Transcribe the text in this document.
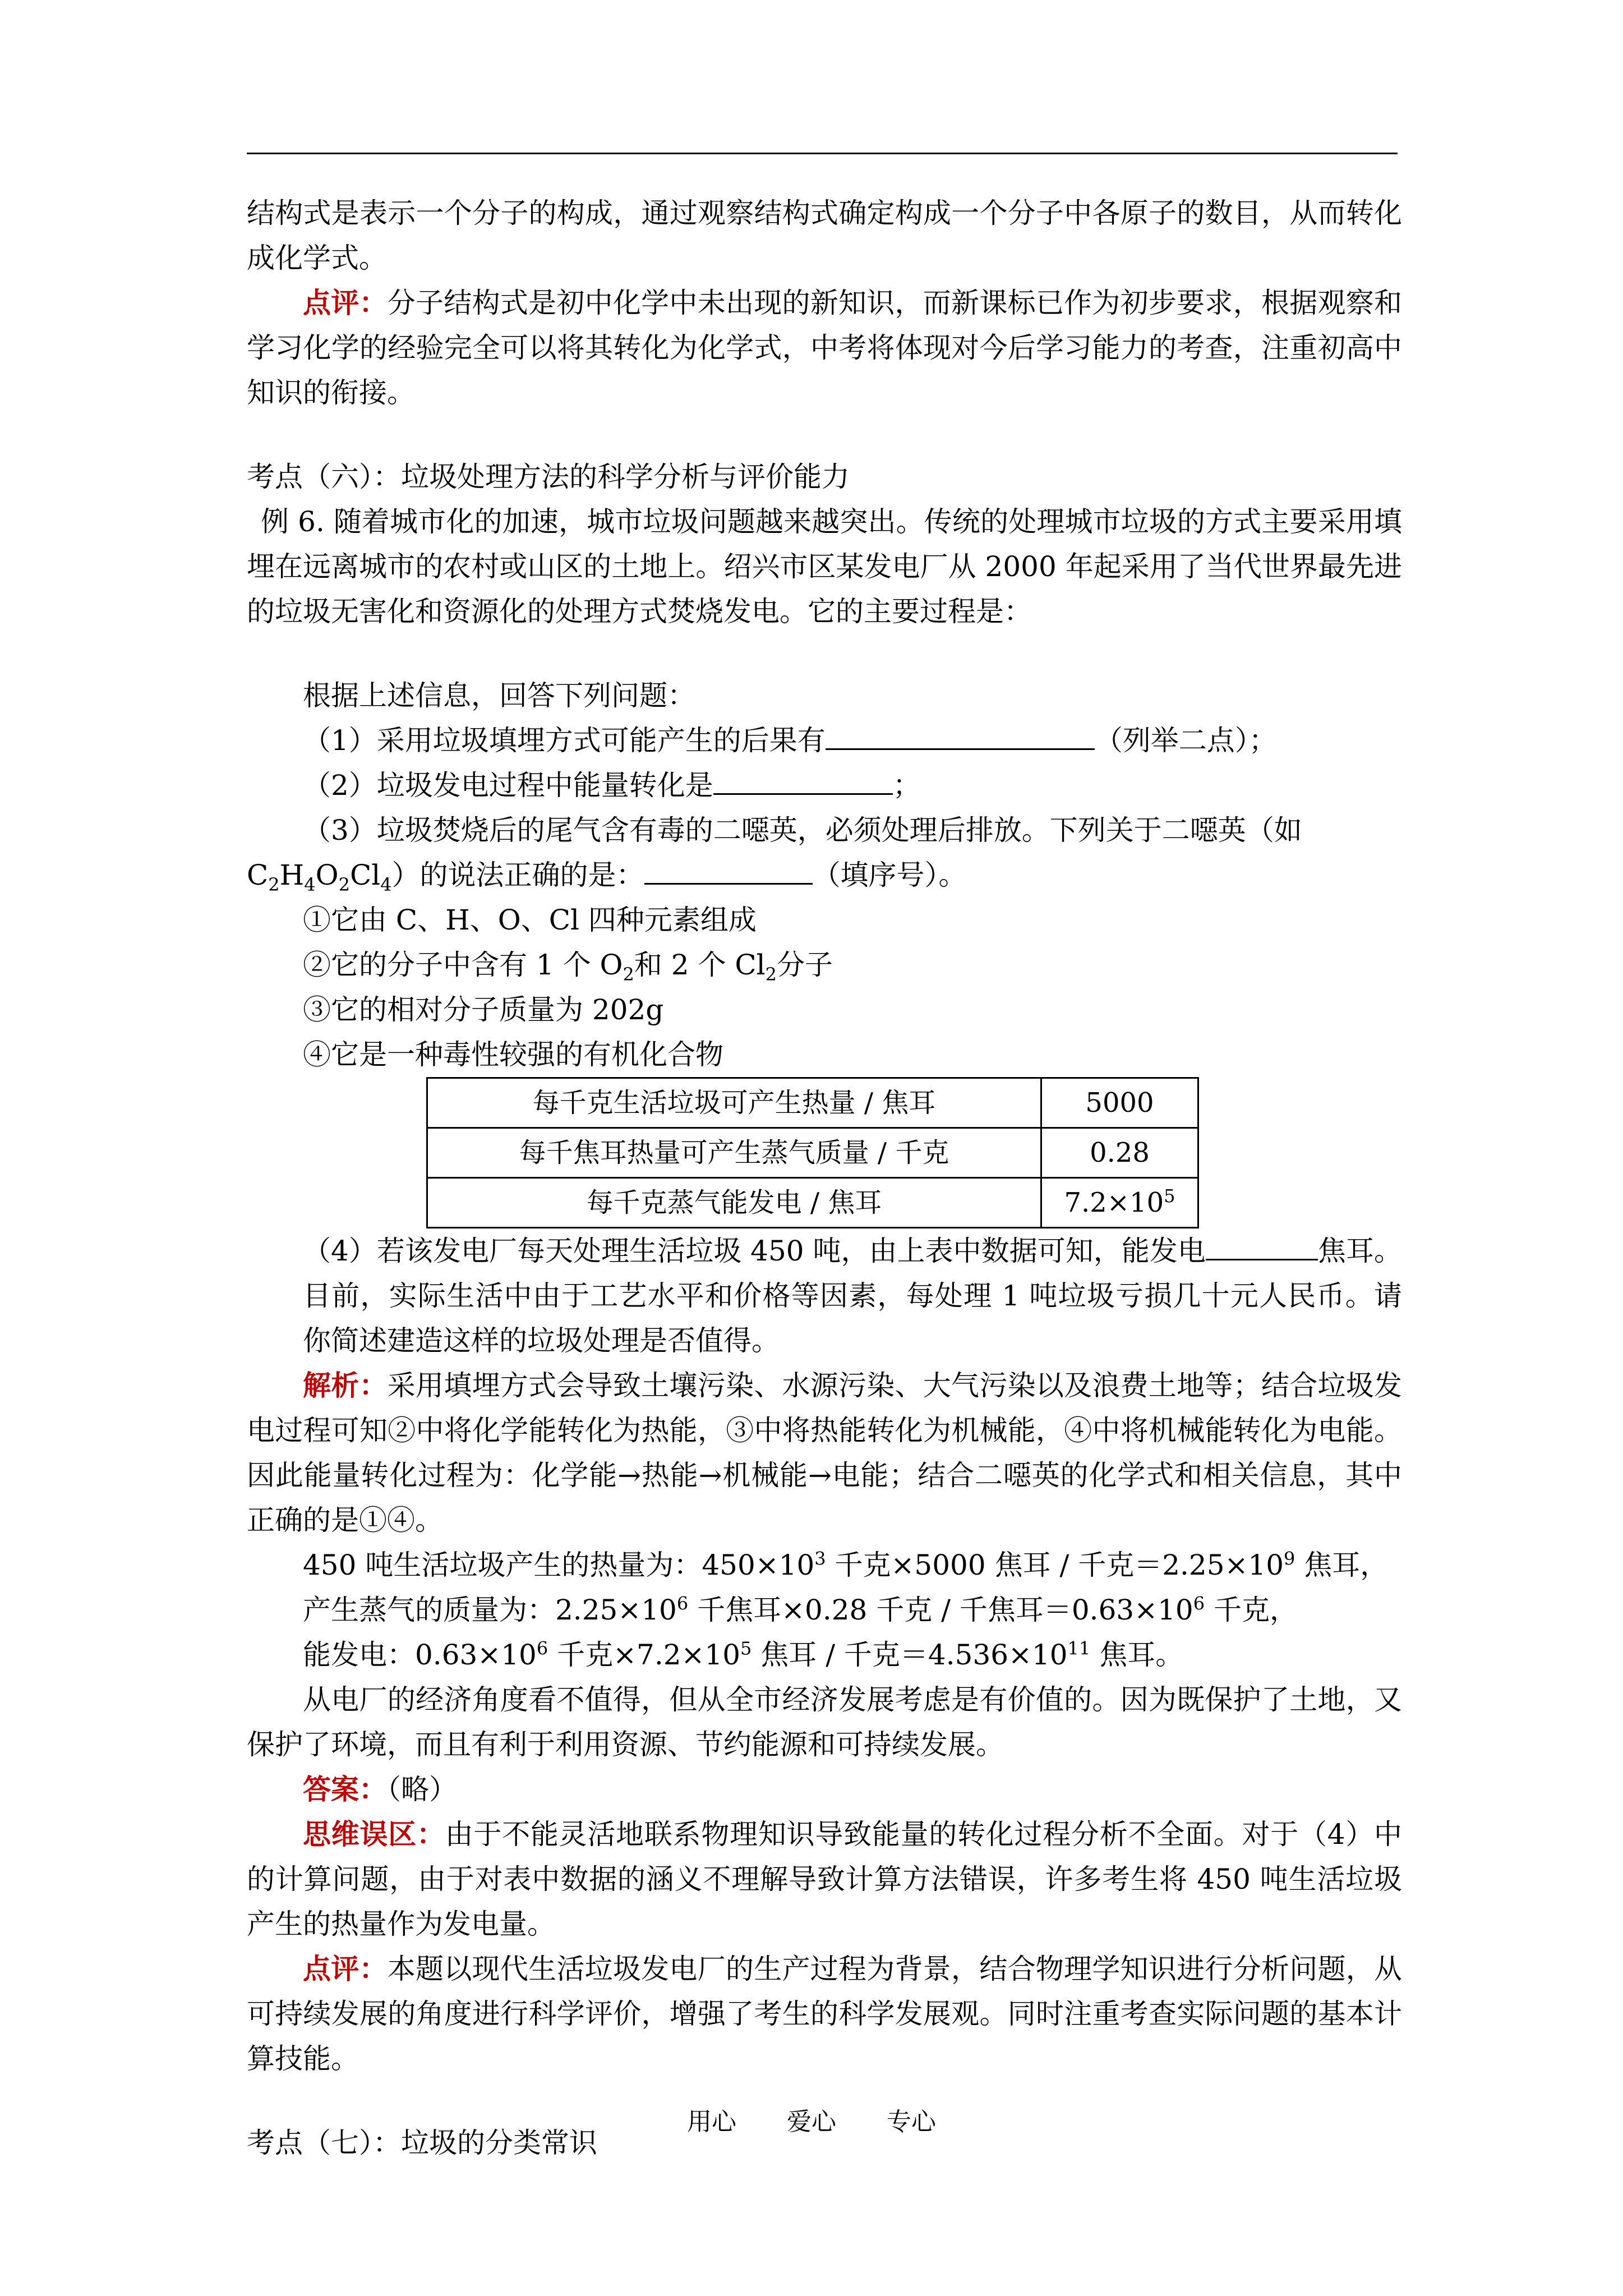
结构式是表示一个分子的构成，通过观察结构式确定构成一个分子中各原子的数目，从而转化成化学式。

点评：分子结构式是初中化学中未出现的新知识，而新课标已作为初步要求，根据观察和学习化学的经验完全可以将其转化为化学式，中考将体现对今后学习能力的考查，注重初高中知识的衔接。

考点（六）：垃圾处理方法的科学分析与评价能力

例 6. 随着城市化的加速，城市垃圾问题越来越突出。传统的处理城市垃圾的方式主要采用填埋在远离城市的农村或山区的土地上。绍兴市区某发电厂从 2000 年起采用了当代世界最先进的垃圾无害化和资源化的处理方式焚烧发电。它的主要过程是：

根据上述信息，回答下列问题：

（1）采用垃圾填埋方式可能产生的后果有	（列举二点）；

（2）垃圾发电过程中能量转化是	；

（3）垃圾焚烧后的尾气含有毒的二噁英，必须处理后排放。下列关于二噁英（如

$C_2H_4O_2Cl_4$）的说法正确的是：	（填序号）。

①它由 C、H、O、Cl 四种元素组成

②它的分子中含有 1 个 $O_2$和 2 个 $Cl_2$分子

③它的相对分子质量为 202g

④它是一种毒性较强的有机化合物

每千克生活垃圾可产生热量 / 焦耳	5000
每千焦耳热量可产生蒸气质量 / 千克	0.28
每千克蒸气能发电 / 焦耳	$7.2\times 10^5$

（4）若该发电厂每天处理生活垃圾 450 吨，由上表中数据可知，能发电	焦耳。目前，实际生活中由于工艺水平和价格等因素，每处理 1 吨垃圾亏损几十元人民币。请你简述建造这样的垃圾处理是否值得。

解析：采用填埋方式会导致土壤污染、水源污染、大气污染以及浪费土地等；结合垃圾发电过程可知②中将化学能转化为热能，③中将热能转化为机械能，④中将机械能转化为电能。因此能量转化过程为：化学能→热能→机械能→电能；结合二噁英的化学式和相关信息，其中正确的是①④。

450 吨生活垃圾产生的热量为：$450\times 10^3$ 千克×5000 焦耳 / 千克$=2.25\times 10^9$ 焦耳，

产生蒸气的质量为：$2.25\times 10^6$ 千焦耳×0.28 千克 / 千焦耳$=0.63\times 10^6$ 千克，

能发电：$0.63\times 10^6$ 千克$\times 7.2\times 10^5$ 焦耳 / 千克$=4.536\times 10^{11}$ 焦耳。

从电厂的经济角度看不值得，但从全市经济发展考虑是有价值的。因为既保护了土地，又保护了环境，而且有利于利用资源、节约能源和可持续发展。

答案：（略）

思维误区：由于不能灵活地联系物理知识导致能量的转化过程分析不全面。对于（4）中的计算问题，由于对表中数据的涵义不理解导致计算方法错误，许多考生将 450 吨生活垃圾产生的热量作为发电量。

点评：本题以现代生活垃圾发电厂的生产过程为背景，结合物理学知识进行分析问题，从可持续发展的角度进行科学评价，增强了考生的科学发展观。同时注重考查实际问题的基本计算技能。

考点（七）：垃圾的分类常识

用心 爱心 专心
